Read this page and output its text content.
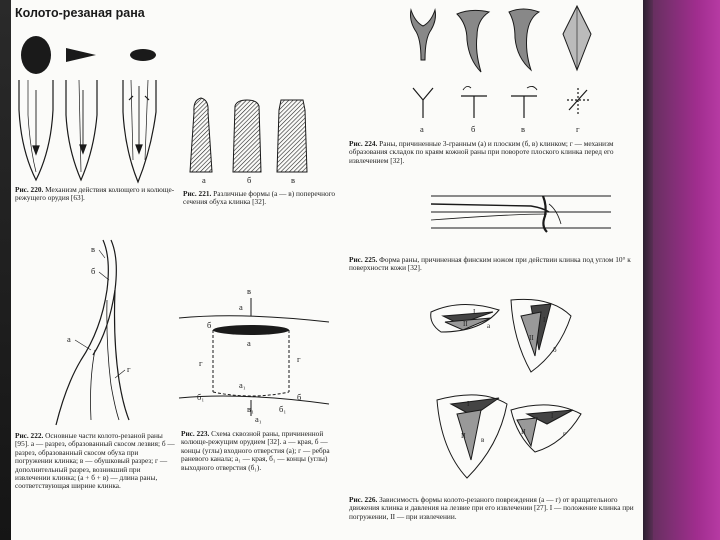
Колото-резаная рана
Рис. 220. Механизм действия колющего и колюще-режущего орудия [63].
а	б	в
Рис. 221. Различные формы (а — в) поперечного сечения обуха клинка [32].
в
б
а
г
Рис. 222. Основные части колото-резаной раны [95]. а — разрез, образованный скосом лезвия; б — разрез, образованный скосом обуха при погружении клинка; в — обушковый разрез; г — дополнительный разрез, возникший при извлечении клинка; (а + б + в) — длина раны, соответствующая ширине клинка.
в
а
б
а
г	г
а₁
б₁	б
в₁
а₁
б₁
Рис. 223. Схема сквозной раны, причиненной колюще-режущим орудием [32]. а — края, б — концы (углы) входного отверстия (а); г — ребра раневого канала; а₁ — края, б₁ — концы (углы) выходного отверстия (б₁).
а	б	в	г
Рис. 224. Раны, причиненные 3-гранным (а) и плоским (б, в) клинком; г — механизм образования складок по краям кожной раны при повороте плоского клинка перед его извлечением [32].
Рис. 225. Форма раны, причиненная финским ножом при действии клинка под углом 10° к поверхности кожи [32].
I
II	а
I
II
б
I
II в
I
II	г
Рис. 226. Зависимость формы колото-резаного повреждения (а — г) от вращательного движения клинка и давления на лезвие при его извлечении [27]. I — положение клинка при погружении, II — при извлечении.
